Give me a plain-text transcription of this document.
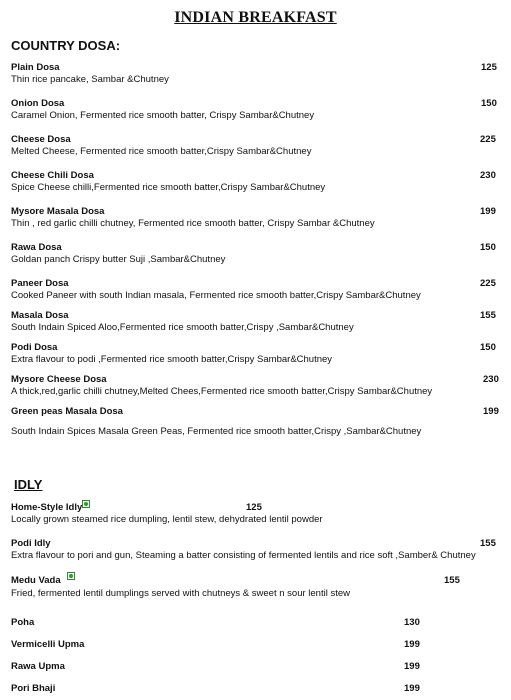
INDIAN BREAKFAST
COUNTRY DOSA:
Plain Dosa	125
Thin rice pancake, Sambar &Chutney
Onion Dosa	150
Caramel Onion, Fermented rice smooth batter, Crispy Sambar&Chutney
Cheese Dosa	225
Melted Cheese, Fermented rice smooth batter,Crispy Sambar&Chutney
Cheese Chili Dosa	230
Spice Cheese chilli,Fermented rice smooth batter,Crispy Sambar&Chutney
Mysore Masala Dosa	199
Thin , red garlic chilli chutney, Fermented rice smooth batter, Crispy Sambar &Chutney
Rawa Dosa	150
Goldan panch Crispy butter Suji ,Sambar&Chutney
Paneer Dosa	225
Cooked Paneer with south Indian masala, Fermented rice smooth batter,Crispy Sambar&Chutney
Masala Dosa	155
South Indain Spiced Aloo,Fermented rice smooth batter,Crispy ,Sambar&Chutney
Podi Dosa	150
Extra flavour to podi ,Fermented rice smooth batter,Crispy Sambar&Chutney
Mysore Cheese Dosa	230
A thick,red,garlic chilli chutney,Melted Chees,Fermented rice smooth batter,Crispy Sambar&Chutney
Green peas Masala Dosa	199
South Indain Spices Masala Green Peas, Fermented rice smooth batter,Crispy ,Sambar&Chutney
IDLY
Home-Style Idly	125
Locally grown steamed rice dumpling, lentil stew, dehydrated lentil powder
Podi Idly	155
Extra flavour to pori and gun, Steaming a batter consisting of fermented lentils and rice soft ,Samber& Chutney
Medu Vada	155
Fried, fermented lentil dumplings served with chutneys & sweet n sour lentil stew
Poha	130
Vermicelli Upma	199
Rawa Upma	199
Pori Bhaji	199
